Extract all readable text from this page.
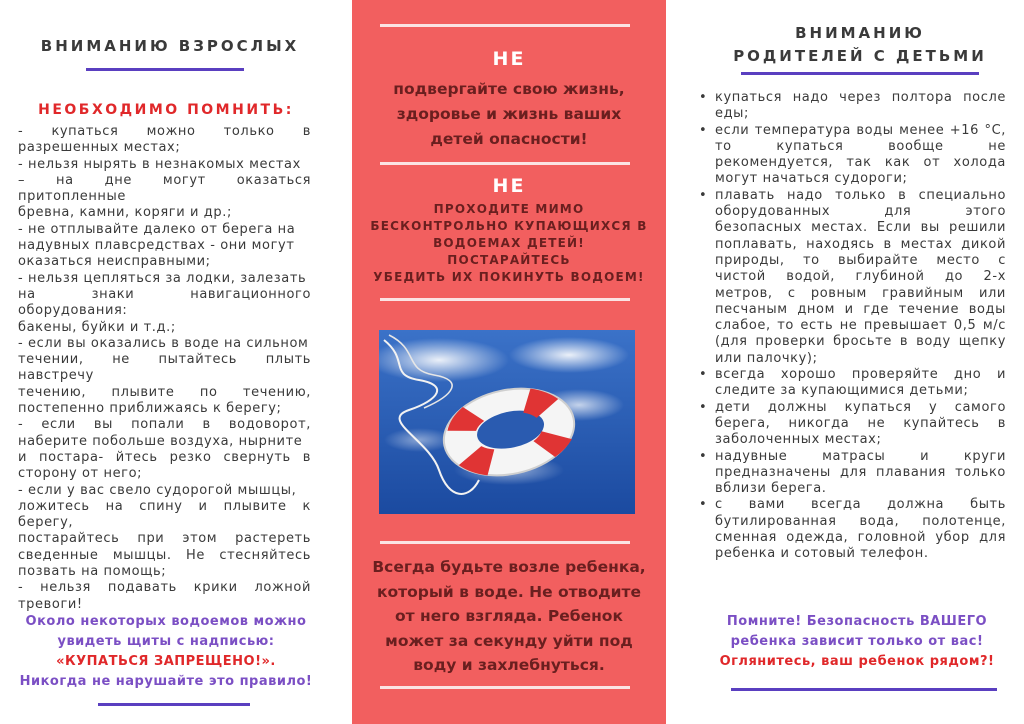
ВНИМАНИЮ ВЗРОСЛЫХ
НЕОБХОДИМО ПОМНИТЬ:
- купаться можно только в
разрешенных местах;
- нельзя нырять в незнакомых местах
– на дне могут оказаться
притопленные
бревна, камни, коряги и др.;
- не отплывайте далеко от берега на
надувных плавсредствах - они могут
оказаться неисправными;
- нельзя цепляться за лодки, залезать
на знаки навигационного
оборудования:
бакены, буйки и т.д.;
- если вы оказались в воде на сильном
течении, не пытайтесь плыть
навстречу
течению, плывите по течению,
постепенно приближаясь к берегу;
- если вы попали в водоворот,
наберите побольше воздуха, нырните
и постара- йтесь резко свернуть в
сторону от него;
- если у вас свело судорогой мышцы,
ложитесь на спину и плывите к берегу,
постарайтесь при этом растереть
сведенные мышцы. Не стесняйтесь
позвать на помощь;
- нельзя подавать крики ложной
тревоги!
Около некоторых водоемов можно
увидеть щиты с надписью:
«КУПАТЬСЯ ЗАПРЕЩЕНО!».
Никогда не нарушайте это правило!
НЕ
подвергайте свою жизнь,
здоровье и жизнь ваших
детей опасности!
НЕ
ПРОХОДИТЕ МИМО
БЕСКОНТРОЛЬНО КУПАЮЩИХСЯ В
ВОДОЕМАХ ДЕТЕЙ!
ПОСТАРАЙТЕСЬ
УБЕДИТЬ ИХ ПОКИНУТЬ ВОДОЕМ!
Всегда будьте возле ребенка,
который в воде. Не отводите
от него взгляда. Ребенок
может за секунду уйти под
воду и захлебнуться.
ВНИМАНИЮ
РОДИТЕЛЕЙ С ДЕТЬМИ
• купаться надо через полтора после
еды;
• если температура воды менее +16 °С,
то купаться вообще не
рекомендуется, так как от холода
могут начаться судороги;
• плавать надо только в специально
оборудованных для этого
безопасных местах. Если вы решили
поплавать, находясь в местах дикой
природы, то выбирайте место с
чистой водой, глубиной до 2-х
метров, с ровным гравийным или
песчаным дном и где течение воды
слабое, то есть не превышает 0,5 м/с
(для проверки бросьте в воду щепку
или палочку);
• всегда хорошо проверяйте дно и
следите за купающимися детьми;
• дети должны купаться у самого
берега, никогда не купайтесь в
заболоченных местах;
• надувные матрасы и круги
предназначены для плавания только
вблизи берега.
• с вами всегда должна быть
бутилированная вода, полотенце,
сменная одежда, головной убор для
ребенка и сотовый телефон.
Помните! Безопасность ВАШЕГО
ребенка зависит только от вас!
Оглянитесь, ваш ребенок рядом?!
